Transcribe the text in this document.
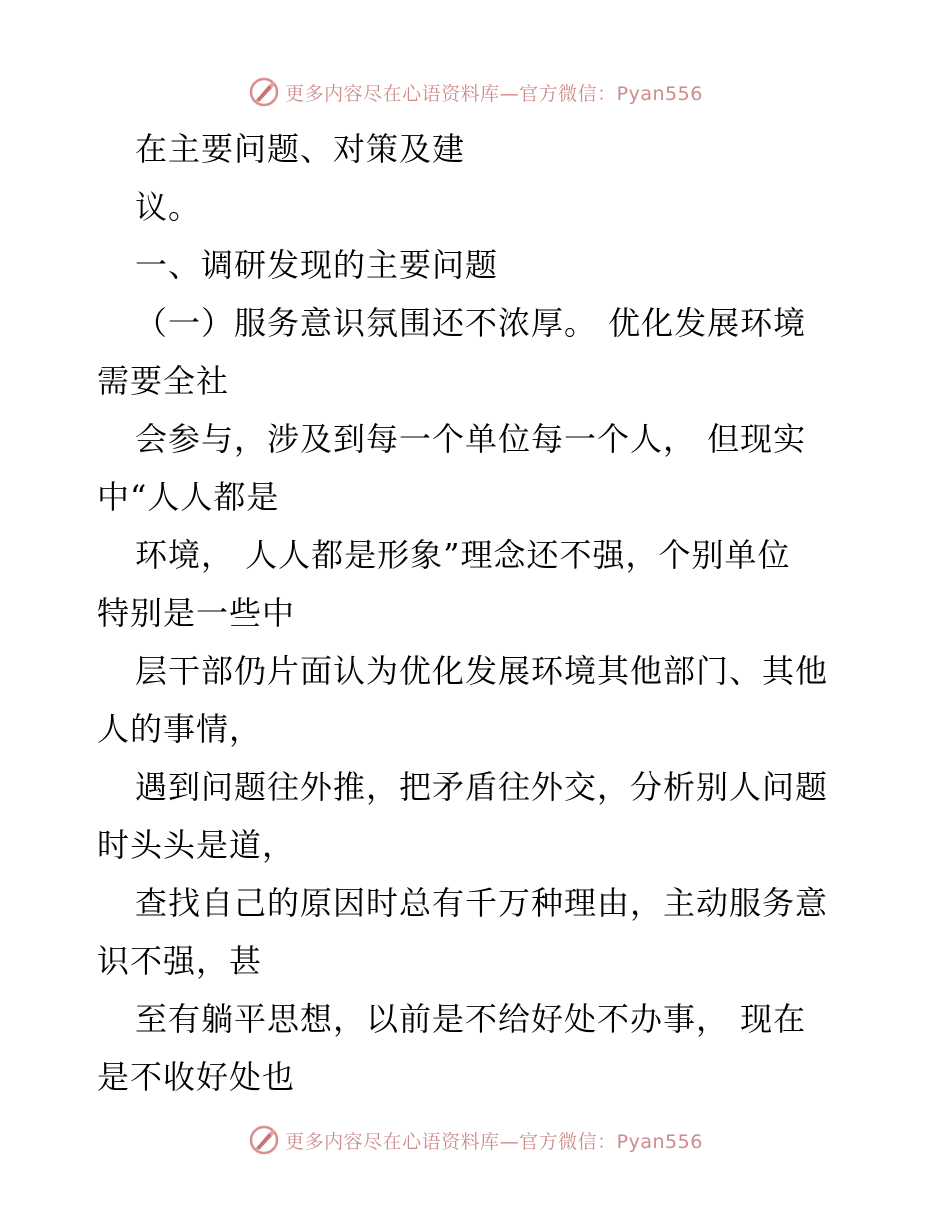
更多内容尽在心语资料库—官方微信：Pyan556
在主要问题、对策及建
议。
一、调研发现的主要问题
（一）服务意识氛围还不浓厚。 优化发展环境
需要全社
会参与，涉及到每一个单位每一个人， 但现实
中“人人都是
环境， 人人都是形象”理念还不强，个别单位
特别是一些中
层干部仍片面认为优化发展环境其他部门、其他
人的事情，
遇到问题往外推，把矛盾往外交，分析别人问题
时头头是道，
查找自己的原因时总有千万种理由，主动服务意
识不强，甚
至有躺平思想，以前是不给好处不办事， 现在
是不收好处也
更多内容尽在心语资料库—官方微信：Pyan556
